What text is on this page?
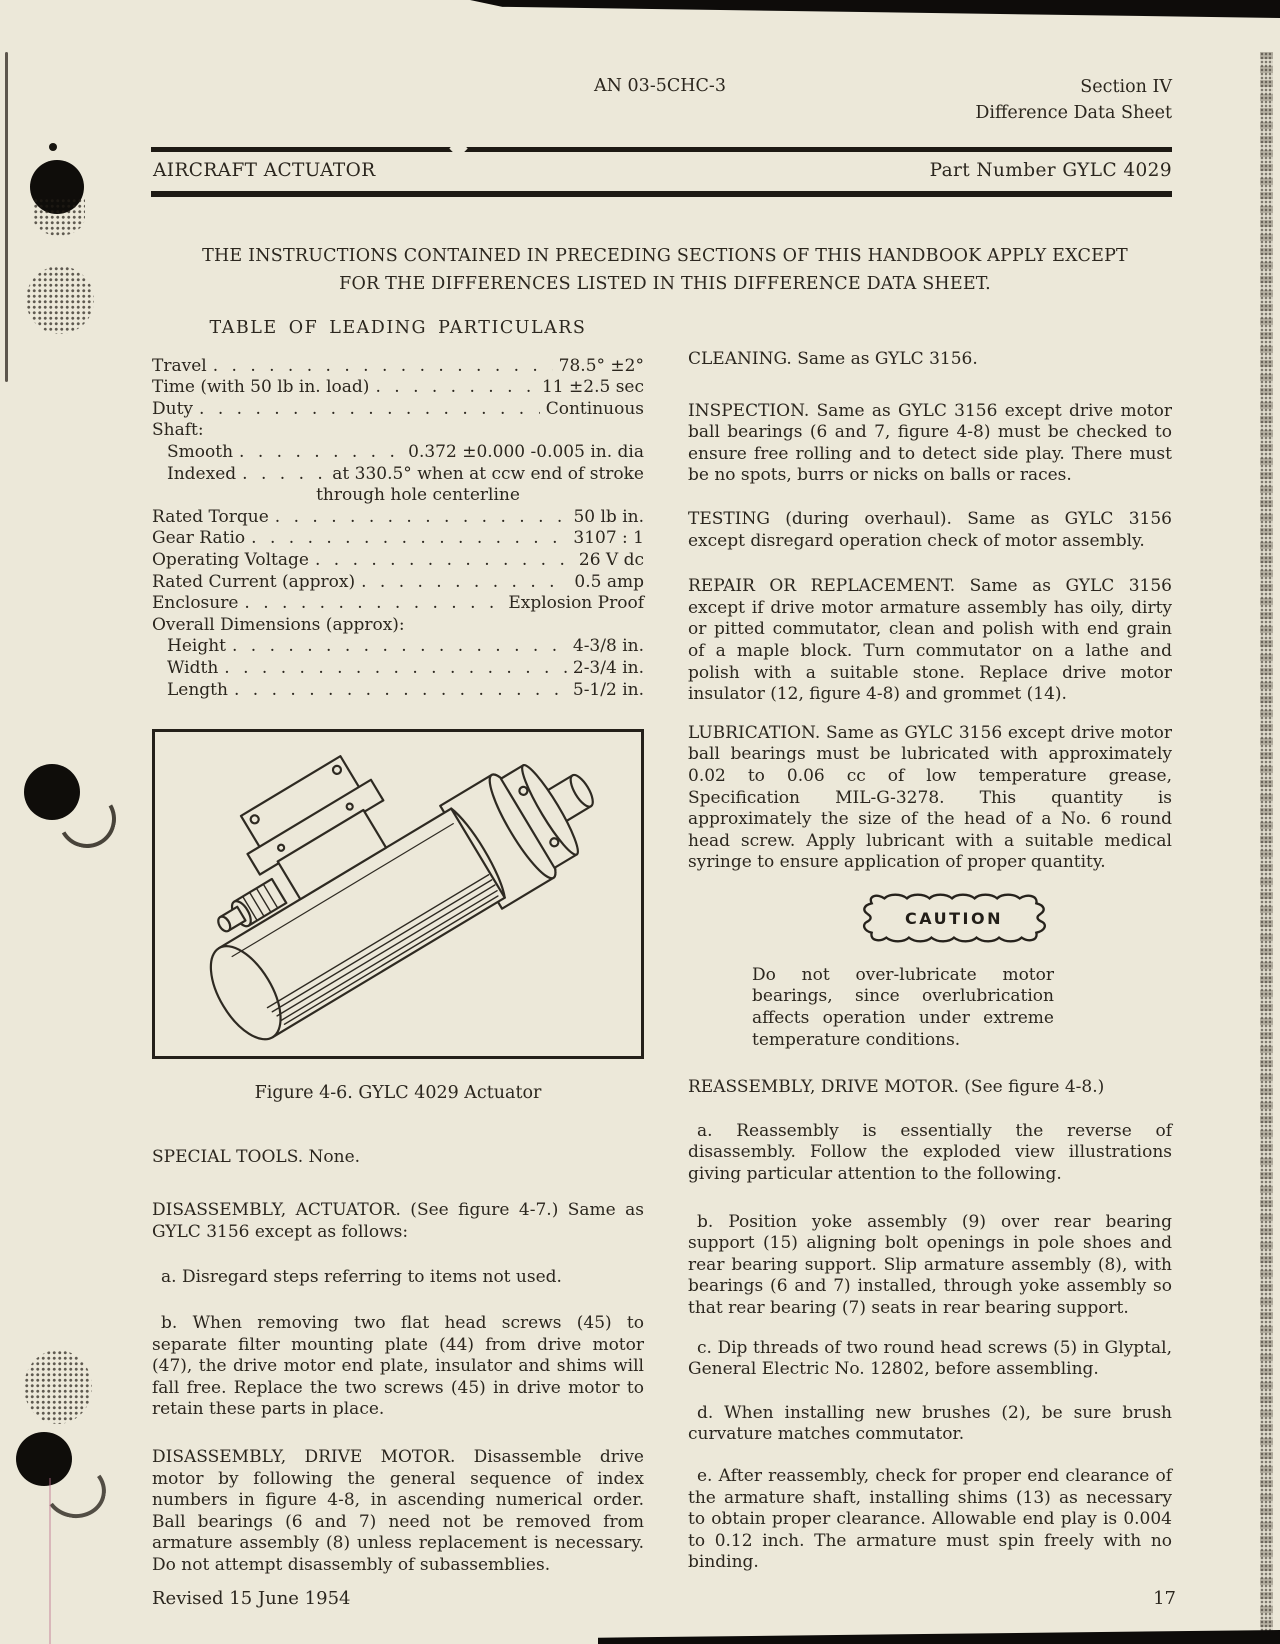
AN 03-5CHC-3	Section IV
Difference Data Sheet
AIRCRAFT ACTUATOR	Part Number GYLC 4029
THE INSTRUCTIONS CONTAINED IN PRECEDING SECTIONS OF THIS HANDBOOK APPLY EXCEPT
FOR THE DIFFERENCES LISTED IN THIS DIFFERENCE DATA SHEET.
TABLE OF LEADING PARTICULARS
Travel . . .	78.5° ±2°
Time (with 50 lb in. load) . . .	11 ±2.5 sec
Duty . . .	Continuous
Shaft:
Smooth . . .	0.372 ±0.000 -0.005 in. dia
Indexed . . .	at 330.5° when at ccw end of stroke
through hole centerline
Rated Torque . . .	50 lb in.
Gear Ratio . . .	3107 : 1
Operating Voltage . . .	26 V dc
Rated Current (approx) . . .	0.5 amp
Enclosure . . .	Explosion Proof
Overall Dimensions (approx):
Height . . .	4-3/8 in.
Width . . .	2-3/4 in.
Length . . .	5-1/2 in.
Figure 4-6. GYLC 4029 Actuator

SPECIAL TOOLS. None.

DISASSEMBLY, ACTUATOR. (See figure 4-7.) Same as GYLC 3156 except as follows:

a. Disregard steps referring to items not used.

b. When removing two flat head screws (45) to separate filter mounting plate (44) from drive motor (47), the drive motor end plate, insulator and shims will fall free. Replace the two screws (45) in drive motor to retain these parts in place.

DISASSEMBLY, DRIVE MOTOR. Disassemble drive motor by following the general sequence of index numbers in figure 4-8, in ascending numerical order. Ball bearings (6 and 7) need not be removed from armature assembly (8) unless replacement is necessary. Do not attempt disassembly of subassemblies.

CLEANING. Same as GYLC 3156.

INSPECTION. Same as GYLC 3156 except drive motor ball bearings (6 and 7, figure 4-8) must be checked to ensure free rolling and to detect side play. There must be no spots, burrs or nicks on balls or races.

TESTING (during overhaul). Same as GYLC 3156 except disregard operation check of motor assembly.

REPAIR OR REPLACEMENT. Same as GYLC 3156 except if drive motor armature assembly has oily, dirty or pitted commutator, clean and polish with end grain of a maple block. Turn commutator on a lathe and polish with a suitable stone. Replace drive motor insulator (12, figure 4-8) and grommet (14).

LUBRICATION. Same as GYLC 3156 except drive motor ball bearings must be lubricated with approximately 0.02 to 0.06 cc of low temperature grease, Specification MIL-G-3278. This quantity is approximately the size of the head of a No. 6 round head screw. Apply lubricant with a suitable medical syringe to ensure application of proper quantity.

CAUTION

Do not over-lubricate motor bearings, since overlubrication affects operation under extreme temperature conditions.

REASSEMBLY, DRIVE MOTOR. (See figure 4-8.)

a. Reassembly is essentially the reverse of disassembly. Follow the exploded view illustrations giving particular attention to the following.

b. Position yoke assembly (9) over rear bearing support (15) aligning bolt openings in pole shoes and rear bearing support. Slip armature assembly (8), with bearings (6 and 7) installed, through yoke assembly so that rear bearing (7) seats in rear bearing support.

c. Dip threads of two round head screws (5) in Glyptal, General Electric No. 12802, before assembling.

d. When installing new brushes (2), be sure brush curvature matches commutator.

e. After reassembly, check for proper end clearance of the armature shaft, installing shims (13) as necessary to obtain proper clearance. Allowable end play is 0.004 to 0.12 inch. The armature must spin freely with no binding.

Revised 15 June 1954	17
